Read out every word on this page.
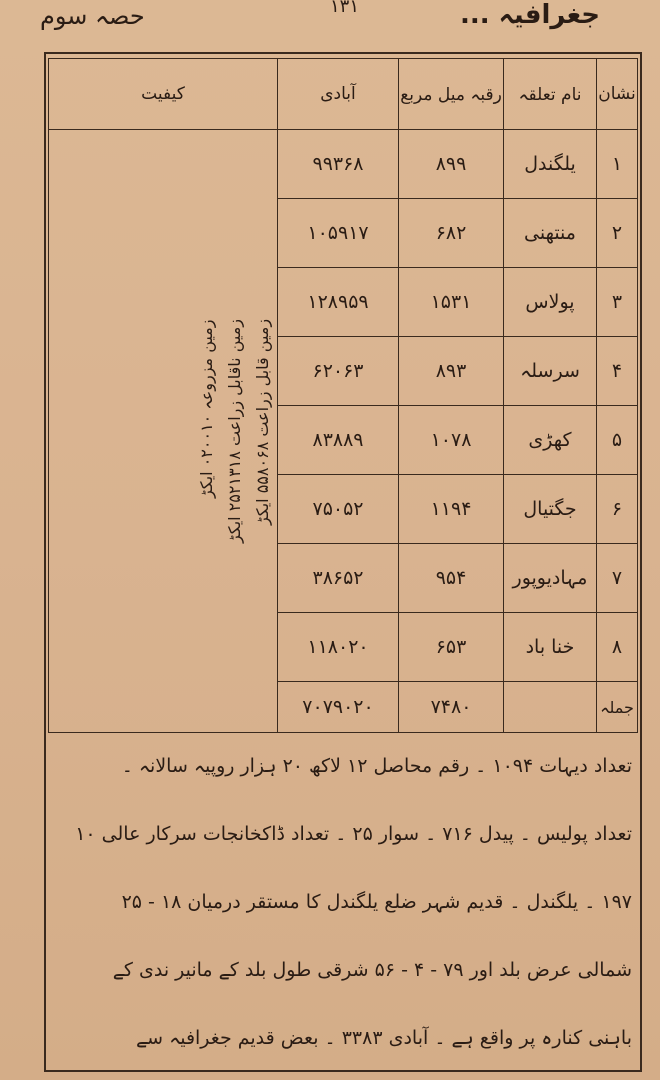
جغرافیہ ...
۱۳۱
حصہ سوم
نشان	نام تعلقہ	رقبہ میل مربع	آبادی	کیفیت
۱	یلگندل	۸۹۹	۹۹۳۶۸	زمین مزروعہ ۰۲۰۰۱۰ ایکڑ
زمین ناقابل زراعت ۲۵۲۱۳۱۸ ایکڑ
زمین قابل زراعت ۵۵۸۰۶۸ ایکڑ

۲	منتھنی	۶۸۲	۱۰۵۹۱۷	
۳	پولاس	۱۵۳۱	۱۲۸۹۵۹	
۴	سرسلہ	۸۹۳	۶۲۰۶۳	
۵	کھڑی	۱۰۷۸	۸۳۸۸۹	
۶	جگتیال	۱۱۹۴	۷۵۰۵۲	
۷	مہادیوپور	۹۵۴	۳۸۶۵۲	
۸	خنا باد	۶۵۳	۱۱۸۰۲۰	
جملہ		۷۴۸۰	۷۰۷۹۰۲۰	
تعداد دیہات ۱۰۹۴ ۔ رقم محاصل ۱۲ لاکھ ۲۰ ہزار روپیہ سالانہ ۔
تعداد پولیس ۔ پیدل ۷۱۶ ۔ سوار ۲۵ ۔ تعداد ڈاکخانجات سرکار عالی ۱۰
۱۹۷ ۔ یلگندل ۔ قدیم شہر ضلع یلگندل کا مستقر درمیان ۱۸ - ۲۵
شمالی عرض بلد اور ۷۹ - ۴ - ۵۶ شرقی طول بلد کے مانیر ندی کے
باہنی کنارہ پر واقع ہے ۔ آبادی ۳۳۸۳ ۔ بعض قدیم جغرافیہ سے
